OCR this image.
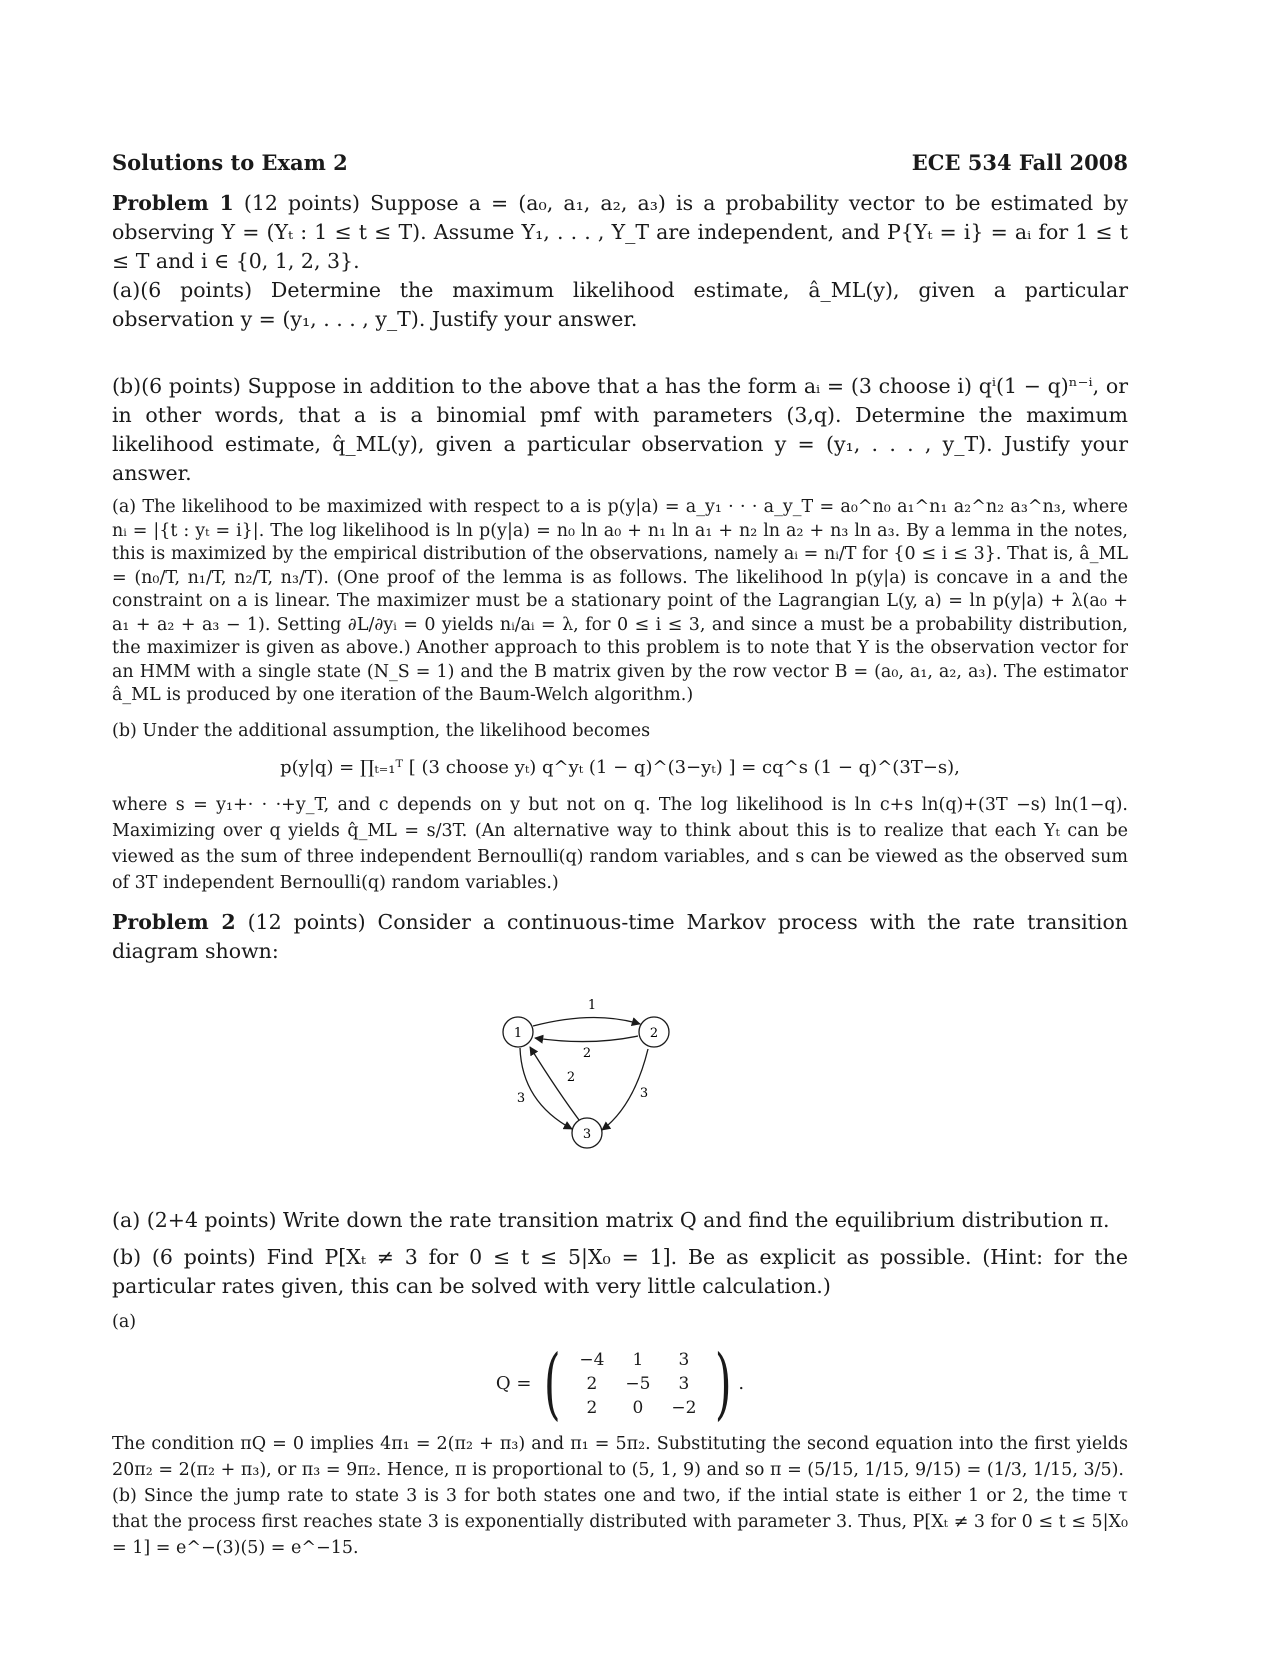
Solutions to Exam 2	ECE 534 Fall 2008
Problem 1 (12 points) Suppose a = (a₀, a₁, a₂, a₃) is a probability vector to be estimated by observing Y = (Yₜ : 1 ≤ t ≤ T). Assume Y₁, . . . , Y_T are independent, and P{Yₜ = i} = aᵢ for 1 ≤ t ≤ T and i ∈ {0, 1, 2, 3}.
(a)(6 points) Determine the maximum likelihood estimate, â_ML(y), given a particular observation y = (y₁, . . . , y_T). Justify your answer.
(b)(6 points) Suppose in addition to the above that a has the form aᵢ = (3 choose i) qⁱ(1 − q)ⁿ⁻ⁱ, or in other words, that a is a binomial pmf with parameters (3,q). Determine the maximum likelihood estimate, q̂_ML(y), given a particular observation y = (y₁, . . . , y_T). Justify your answer.
(a) The likelihood to be maximized with respect to a is p(y|a) = a_y₁ · · · a_y_T = a₀^n₀ a₁^n₁ a₂^n₂ a₃^n₃, where nᵢ = |{t : yₜ = i}|. The log likelihood is ln p(y|a) = n₀ ln a₀ + n₁ ln a₁ + n₂ ln a₂ + n₃ ln a₃. By a lemma in the notes, this is maximized by the empirical distribution of the observations, namely aᵢ = nᵢ/T for {0 ≤ i ≤ 3}. That is, â_ML = (n₀/T, n₁/T, n₂/T, n₃/T). (One proof of the lemma is as follows. The likelihood ln p(y|a) is concave in a and the constraint on a is linear. The maximizer must be a stationary point of the Lagrangian L(y, a) = ln p(y|a) + λ(a₀ + a₁ + a₂ + a₃ − 1). Setting ∂L/∂yᵢ = 0 yields nᵢ/aᵢ = λ, for 0 ≤ i ≤ 3, and since a must be a probability distribution, the maximizer is given as above.) Another approach to this problem is to note that Y is the observation vector for an HMM with a single state (N_S = 1) and the B matrix given by the row vector B = (a₀, a₁, a₂, a₃). The estimator â_ML is produced by one iteration of the Baum-Welch algorithm.)
(b) Under the additional assumption, the likelihood becomes
p(y|q) = ∏ₜ₌₁ᵀ [ (3 choose yₜ) q^yₜ (1 − q)^(3−yₜ) ] = cq^s (1 − q)^(3T−s),
where s = y₁+· · ·+y_T, and c depends on y but not on q. The log likelihood is ln c+s ln(q)+(3T −s) ln(1−q). Maximizing over q yields q̂_ML = s/3T. (An alternative way to think about this is to realize that each Yₜ can be viewed as the sum of three independent Bernoulli(q) random variables, and s can be viewed as the observed sum of 3T independent Bernoulli(q) random variables.)
Problem 2 (12 points) Consider a continuous-time Markov process with the rate transition diagram shown:
1	2
3
1
2
2
3	3
(a) (2+4 points) Write down the rate transition matrix Q and find the equilibrium distribution π.
(b) (6 points) Find P[Xₜ ≠ 3 for 0 ≤ t ≤ 5|X₀ = 1]. Be as explicit as possible. (Hint: for the particular rates given, this can be solved with very little calculation.)
(a)
Q = ( −4	1	3
2	−5	3
2	0	−2 ) .
The condition πQ = 0 implies 4π₁ = 2(π₂ + π₃) and π₁ = 5π₂. Substituting the second equation into the first yields 20π₂ = 2(π₂ + π₃), or π₃ = 9π₂. Hence, π is proportional to (5, 1, 9) and so π = (5/15, 1/15, 9/15) = (1/3, 1/15, 3/5).
(b) Since the jump rate to state 3 is 3 for both states one and two, if the intial state is either 1 or 2, the time τ that the process first reaches state 3 is exponentially distributed with parameter 3. Thus, P[Xₜ ≠ 3 for 0 ≤ t ≤ 5|X₀ = 1] = e^−(3)(5) = e^−15.
